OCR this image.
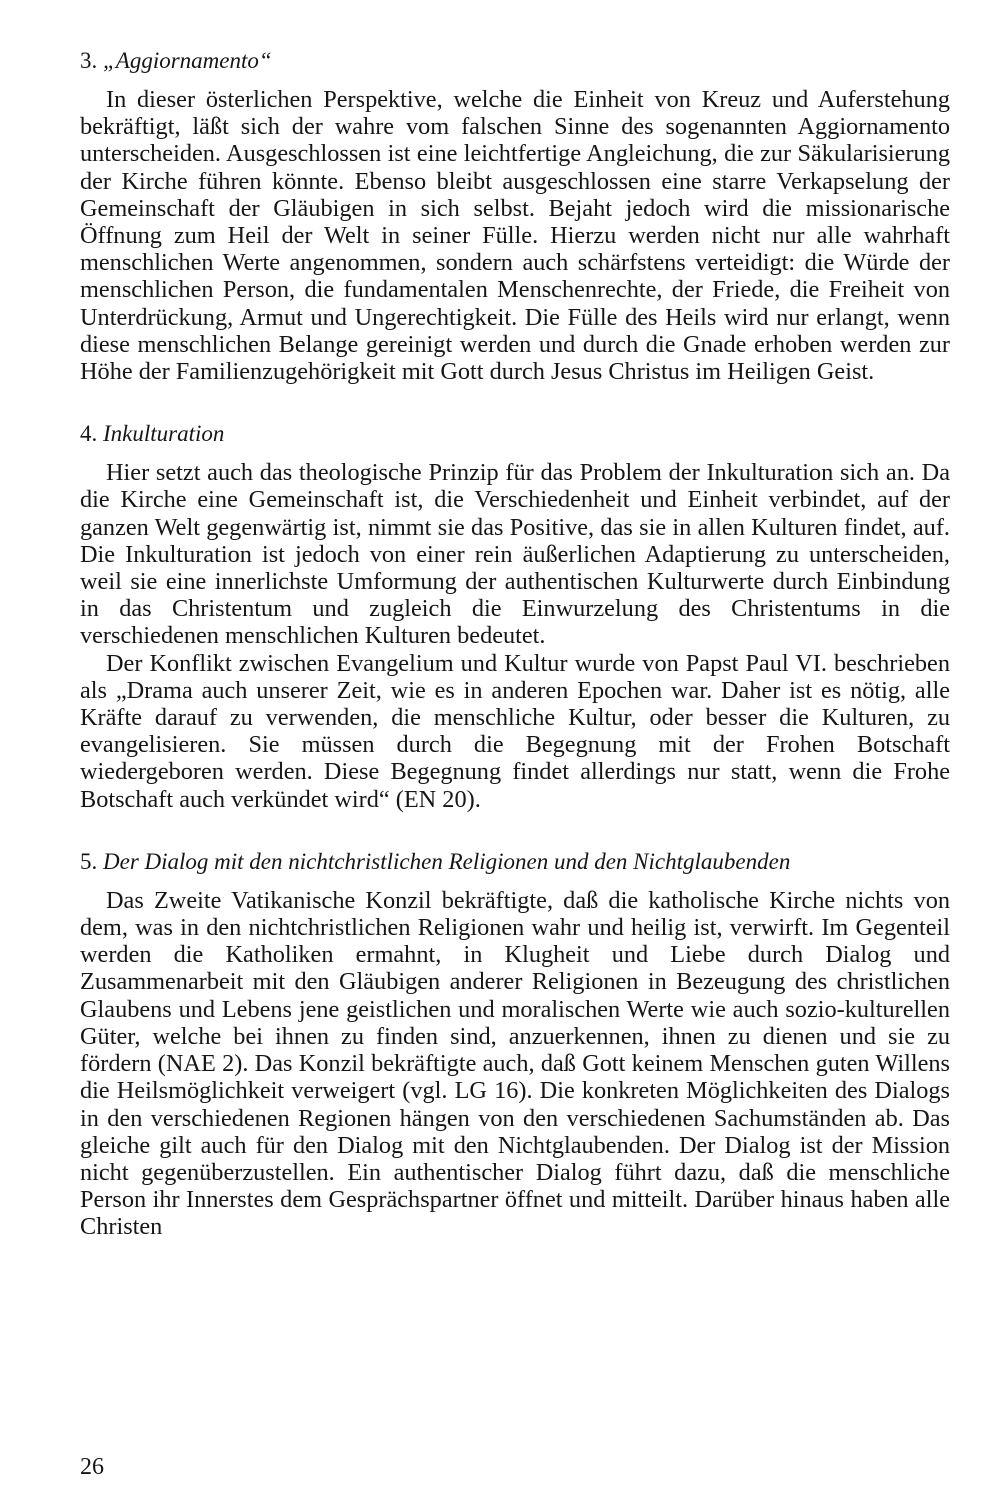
3. „Aggiornamento“

In dieser österlichen Perspektive, welche die Einheit von Kreuz und Auferstehung bekräftigt, läßt sich der wahre vom falschen Sinne des sogenannten Aggiornamento unterscheiden. Ausgeschlossen ist eine leichtfertige Angleichung, die zur Säkularisierung der Kirche führen könnte. Ebenso bleibt ausgeschlossen eine starre Verkapselung der Gemeinschaft der Gläubigen in sich selbst. Bejaht jedoch wird die missionarische Öffnung zum Heil der Welt in seiner Fülle. Hierzu werden nicht nur alle wahrhaft menschlichen Werte angenommen, sondern auch schärfstens verteidigt: die Würde der menschlichen Person, die fundamentalen Menschenrechte, der Friede, die Freiheit von Unterdrückung, Armut und Ungerechtigkeit. Die Fülle des Heils wird nur erlangt, wenn diese menschlichen Belange gereinigt werden und durch die Gnade erhoben werden zur Höhe der Familienzugehörigkeit mit Gott durch Jesus Christus im Heiligen Geist.

4. Inkulturation

Hier setzt auch das theologische Prinzip für das Problem der Inkulturation sich an. Da die Kirche eine Gemeinschaft ist, die Verschiedenheit und Einheit verbindet, auf der ganzen Welt gegenwärtig ist, nimmt sie das Positive, das sie in allen Kulturen findet, auf. Die Inkulturation ist jedoch von einer rein äußerlichen Adaptierung zu unterscheiden, weil sie eine innerlichste Umformung der authentischen Kulturwerte durch Einbindung in das Christentum und zugleich die Einwurzelung des Christentums in die verschiedenen menschlichen Kulturen bedeutet.

Der Konflikt zwischen Evangelium und Kultur wurde von Papst Paul VI. beschrieben als „Drama auch unserer Zeit, wie es in anderen Epochen war. Daher ist es nötig, alle Kräfte darauf zu verwenden, die menschliche Kultur, oder besser die Kulturen, zu evangelisieren. Sie müssen durch die Begegnung mit der Frohen Botschaft wiedergeboren werden. Diese Begegnung findet allerdings nur statt, wenn die Frohe Botschaft auch verkündet wird“ (EN 20).

5. Der Dialog mit den nichtchristlichen Religionen und den Nichtglaubenden

Das Zweite Vatikanische Konzil bekräftigte, daß die katholische Kirche nichts von dem, was in den nichtchristlichen Religionen wahr und heilig ist, verwirft. Im Gegenteil werden die Katholiken ermahnt, in Klugheit und Liebe durch Dialog und Zusammenarbeit mit den Gläubigen anderer Religionen in Bezeugung des christlichen Glaubens und Lebens jene geistlichen und moralischen Werte wie auch sozio-kulturellen Güter, welche bei ihnen zu finden sind, anzuerkennen, ihnen zu dienen und sie zu fördern (NAE 2). Das Konzil bekräftigte auch, daß Gott keinem Menschen guten Willens die Heilsmöglichkeit verweigert (vgl. LG 16). Die konkreten Möglichkeiten des Dialogs in den verschiedenen Regionen hängen von den verschiedenen Sachumständen ab. Das gleiche gilt auch für den Dialog mit den Nichtglaubenden. Der Dialog ist der Mission nicht gegenüberzustellen. Ein authentischer Dialog führt dazu, daß die menschliche Person ihr Innerstes dem Gesprächspartner öffnet und mitteilt. Darüber hinaus haben alle Christen

26
